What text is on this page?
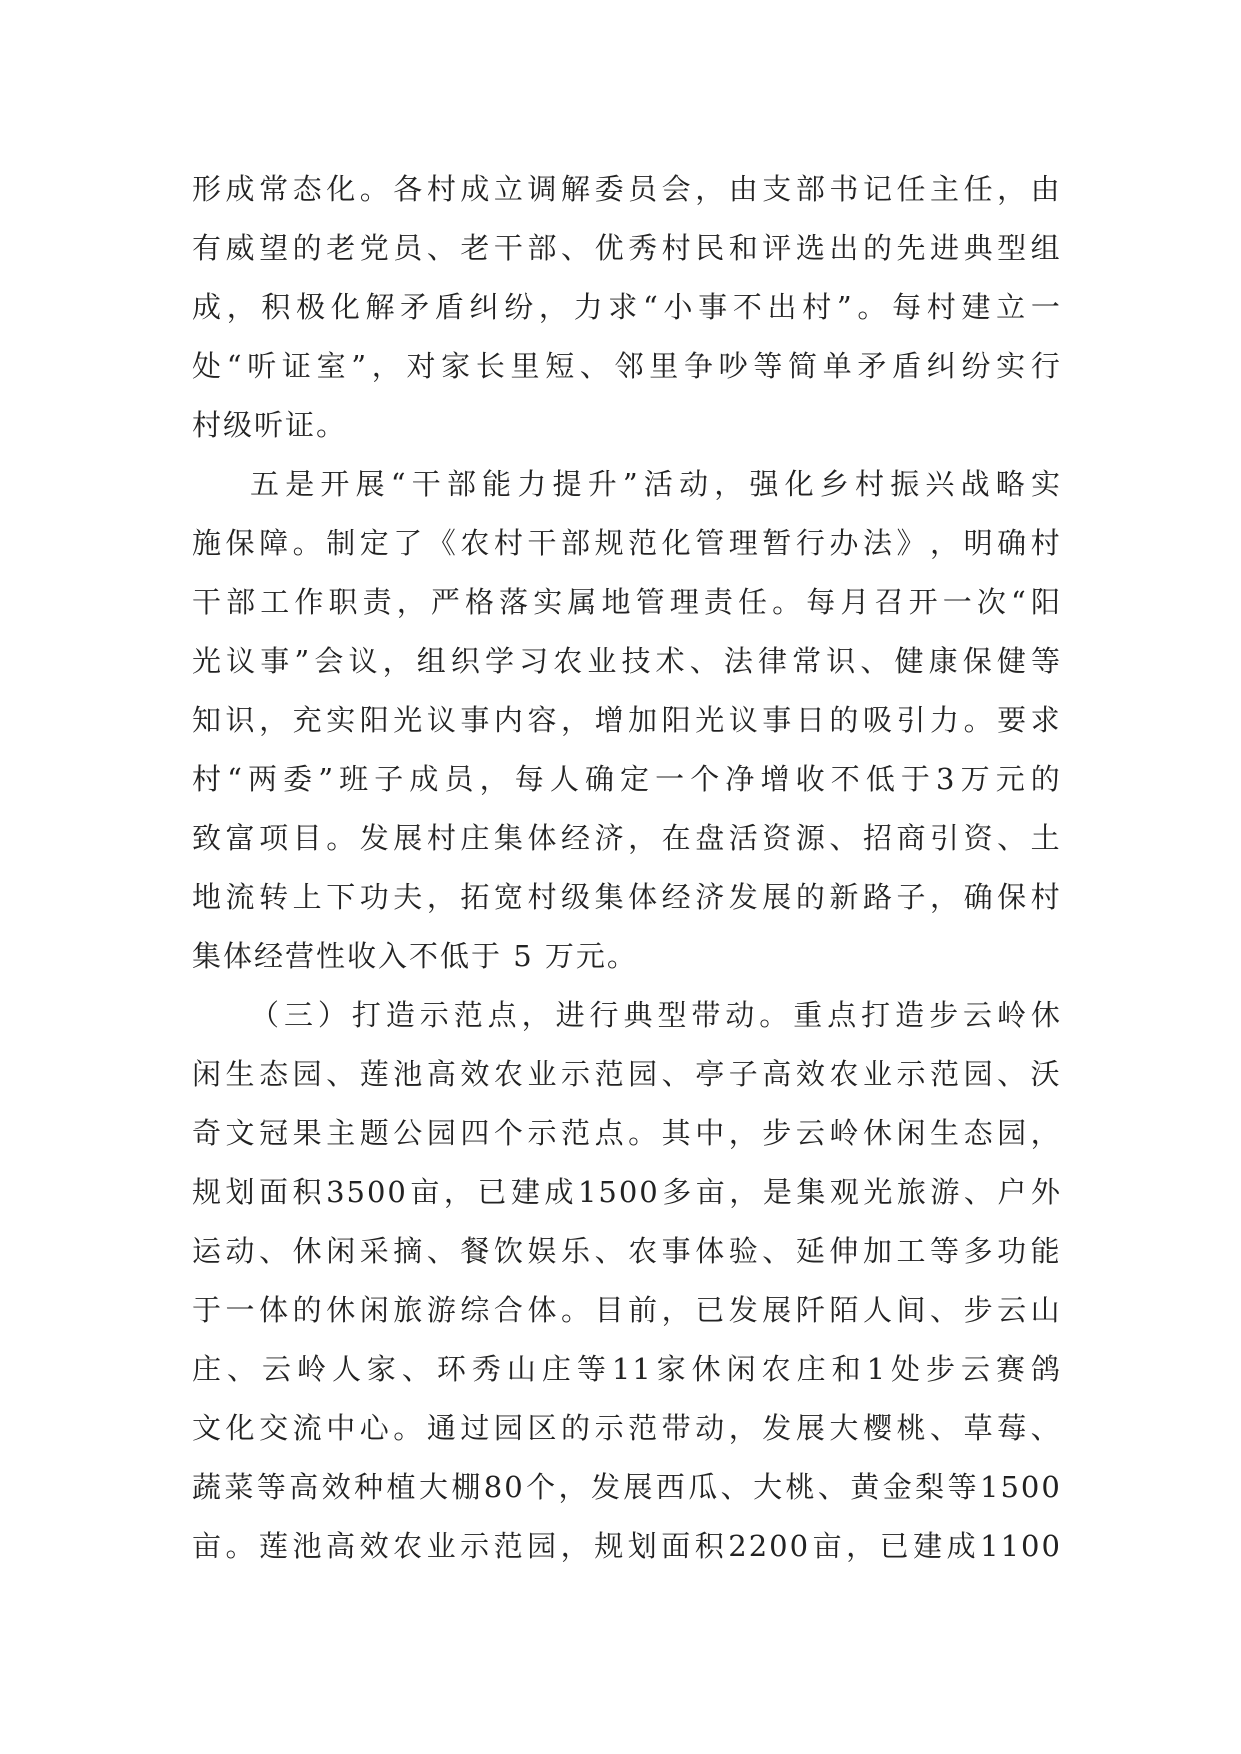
形 成 常 态 化 。 各 村 成 立 调 解 委 员 会 ， 由 支 部 书 记 任 主 任 ， 由
有 威 望 的 老 党 员 、 老 干 部 、 优 秀 村 民 和 评 选 出 的 先 进 典 型 组
成 ， 积 极 化 解 矛 盾 纠 纷 ， 力 求 “ 小 事 不 出 村 ” 。 每 村 建 立 一
处 “ 听 证 室 ” ， 对 家 长 里 短 、 邻 里 争 吵 等 简 单 矛 盾 纠 纷 实 行
村级听证。
五 是 开 展 “ 干 部 能 力 提 升 ” 活 动 ， 强 化 乡 村 振 兴 战 略 实
施 保 障 。 制 定 了 《 农 村 干 部 规 范 化 管 理 暂 行 办 法 》 ， 明 确 村
干 部 工 作 职 责 ， 严 格 落 实 属 地 管 理 责 任 。 每 月 召 开 一 次 “ 阳
光 议 事 ” 会 议 ， 组 织 学 习 农 业 技 术 、 法 律 常 识 、 健 康 保 健 等
知 识 ， 充 实 阳 光 议 事 内 容 ， 增 加 阳 光 议 事 日 的 吸 引 力 。 要 求
村 “ 两 委 ” 班 子 成 员 ， 每 人 确 定 一 个 净 增 收 不 低 于 3 万 元 的
致 富 项 目 。 发 展 村 庄 集 体 经 济 ， 在 盘 活 资 源 、 招 商 引 资 、 土
地 流 转 上 下 功 夫 ， 拓 宽 村 级 集 体 经 济 发 展 的 新 路 子 ， 确 保 村
集体经营性收入不低于 5 万元。
（ 三 ） 打 造 示 范 点 ， 进 行 典 型 带 动 。 重 点 打 造 步 云 岭 休
闲 生 态 园 、 莲 池 高 效 农 业 示 范 园 、 亭 子 高 效 农 业 示 范 园 、 沃
奇 文 冠 果 主 题 公 园 四 个 示 范 点 。 其 中 ， 步 云 岭 休 闲 生 态 园 ，
规 划 面 积 3500 亩 ， 已 建 成 1500 多 亩 ， 是 集 观 光 旅 游 、 户 外
运 动 、 休 闲 采 摘 、 餐 饮 娱 乐 、 农 事 体 验 、 延 伸 加 工 等 多 功 能
于 一 体 的 休 闲 旅 游 综 合 体 。 目 前 ， 已 发 展 阡 陌 人 间 、 步 云 山
庄 、 云 岭 人 家 、 环 秀 山 庄 等 11 家 休 闲 农 庄 和 1 处 步 云 赛 鸽
文 化 交 流 中 心 。 通 过 园 区 的 示 范 带 动 ， 发 展 大 樱 桃 、 草 莓 、
蔬 菜 等 高 效 种 植 大 棚 80 个 ， 发 展 西 瓜 、 大 桃 、 黄 金 梨 等 1500
亩 。 莲 池 高 效 农 业 示 范 园 ， 规 划 面 积 2200 亩 ， 已 建 成 1100
